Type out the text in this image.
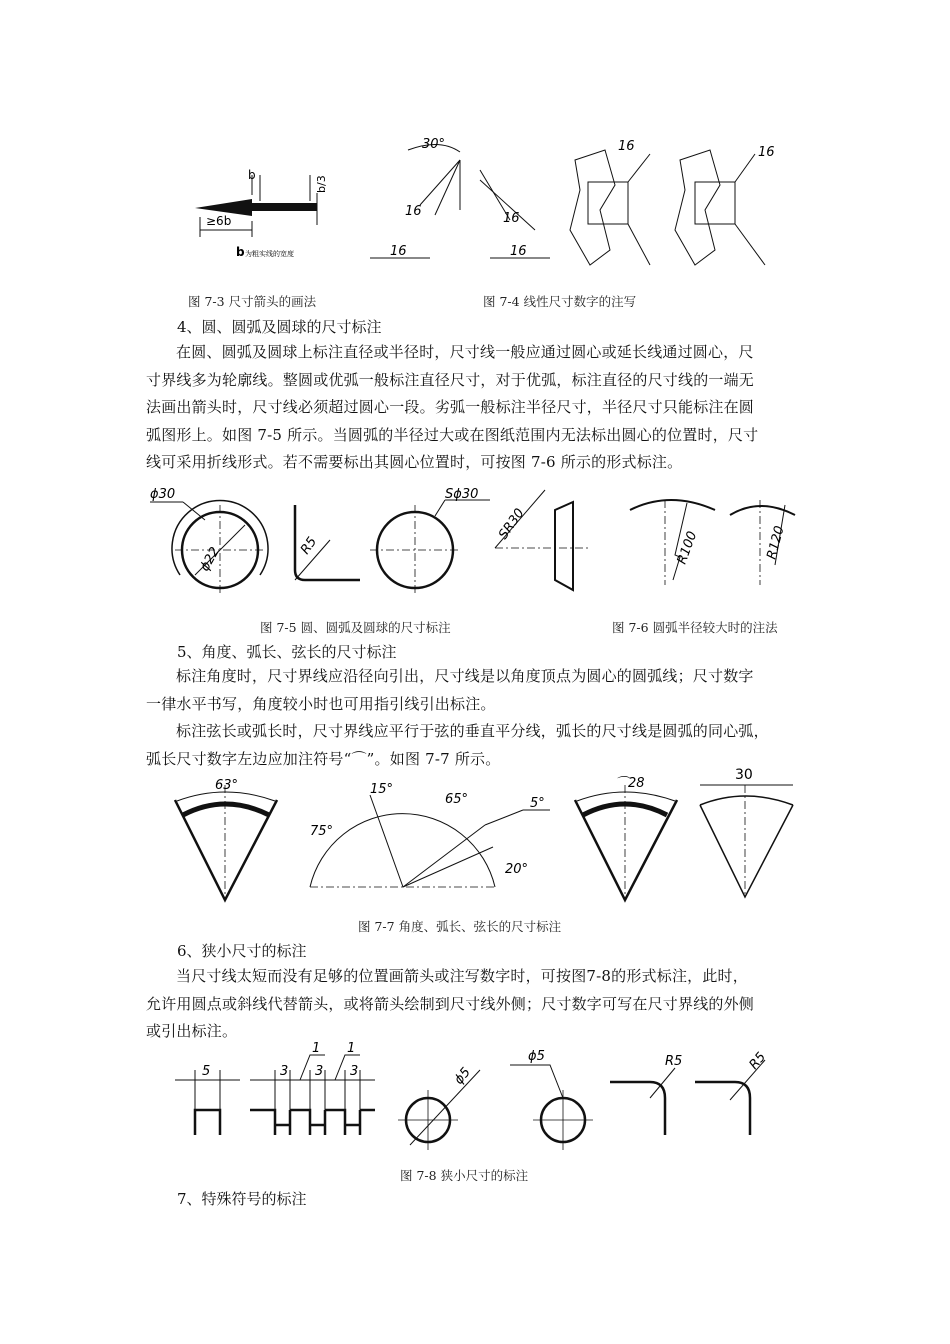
b
b/3
≥6b
b 为粗实线的宽度
30°
16	16
16	16
16	16
图 7-3 尺寸箭头的画法	图 7-4 线性尺寸数字的注写
4、圆、圆弧及圆球的尺寸标注

在圆、圆弧及圆球上标注直径或半径时，尺寸线一般应通过圆心或延长线通过圆心，尺

寸界线多为轮廓线。整圆或优弧一般标注直径尺寸，对于优弧，标注直径的尺寸线的一端无

法画出箭头时，尺寸线必须超过圆心一段。劣弧一般标注半径尺寸，半径尺寸只能标注在圆

弧图形上。如图 7-5 所示。当圆弧的半径过大或在图纸范围内无法标出圆心的位置时，尺寸

线可采用折线形式。若不需要标出其圆心位置时，可按图 7-6 所示的形式标注。

ϕ30
ϕ22	R5
Sϕ30
SR30
R100	R120
图 7-5 圆、圆弧及圆球的尺寸标注	图 7-6 圆弧半径较大时的注法
5、角度、弧长、弦长的尺寸标注

标注角度时，尺寸界线应沿径向引出，尺寸线是以角度顶点为圆心的圆弧线；尺寸数字

一律水平书写，角度较小时也可用指引线引出标注。

标注弦长或弧长时，尺寸界线应平行于弦的垂直平分线，弧长的尺寸线是圆弧的同心弧，

弧长尺寸数字左边应加注符号“⌒”。如图 7-7 所示。

63°	15°
65°	5°
75°
20°
⌒28
30
图 7-7 角度、弧长、弦长的尺寸标注
6、狭小尺寸的标注

当尺寸线太短而没有足够的位置画箭头或注写数字时，可按图7-8的形式标注，此时，

允许用圆点或斜线代替箭头，或将箭头绘制到尺寸线外侧；尺寸数字可写在尺寸界线的外侧

或引出标注。

5	3 3 3
1 1
ϕ5
ϕ5	R5	R5
图 7-8 狭小尺寸的标注
7、特殊符号的标注
